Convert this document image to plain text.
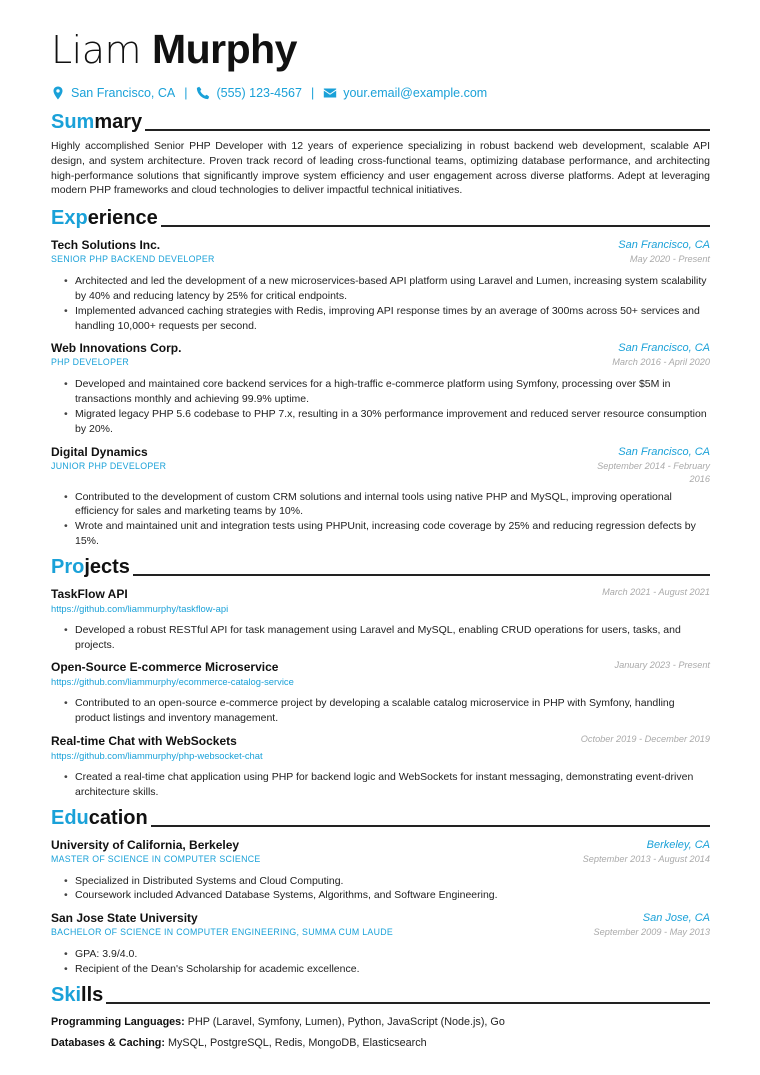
Liam Murphy
San Francisco, CA | (555) 123-4567 | your.email@example.com
Sum mary
Highly accomplished Senior PHP Developer with 12 years of experience specializing in robust backend web development, scalable API design, and system architecture. Proven track record of leading cross-functional teams, optimizing database performance, and architecting high-performance solutions that significantly improve system efficiency and user engagement across diverse platforms. Adept at leveraging modern PHP frameworks and cloud technologies to deliver impactful technical initiatives.
Exp erience
Tech Solutions Inc.	San Francisco, CA
SENIOR PHP BACKEND DEVELOPER	May 2020 - Present
• Architected and led the development of a new microservices-based API platform using Laravel and Lumen, increasing system scalability by 40% and reducing latency by 25% for critical endpoints.
• Implemented advanced caching strategies with Redis, improving API response times by an average of 300ms across 50+ services and handling 10,000+ requests per second.
Web Innovations Corp.	San Francisco, CA
PHP DEVELOPER	March 2016 - April 2020
• Developed and maintained core backend services for a high-traffic e-commerce platform using Symfony, processing over $5M in transactions monthly and achieving 99.9% uptime.
• Migrated legacy PHP 5.6 codebase to PHP 7.x, resulting in a 30% performance improvement and reduced server resource consumption by 20%.
Digital Dynamics	San Francisco, CA
JUNIOR PHP DEVELOPER	September 2014 - February 2016
• Contributed to the development of custom CRM solutions and internal tools using native PHP and MySQL, improving operational efficiency for sales and marketing teams by 10%.
• Wrote and maintained unit and integration tests using PHPUnit, increasing code coverage by 25% and reducing regression defects by 15%.
Pro jects
TaskFlow API	March 2021 - August 2021
https://github.com/liammurphy/taskflow-api
• Developed a robust RESTful API for task management using Laravel and MySQL, enabling CRUD operations for users, tasks, and projects.
Open-Source E-commerce Microservice	January 2023 - Present
https://github.com/liammurphy/ecommerce-catalog-service
• Contributed to an open-source e-commerce project by developing a scalable catalog microservice in PHP with Symfony, handling product listings and inventory management.
Real-time Chat with WebSockets	October 2019 - December 2019
https://github.com/liammurphy/php-websocket-chat
• Created a real-time chat application using PHP for backend logic and WebSockets for instant messaging, demonstrating event-driven architecture skills.
Edu cation
University of California, Berkeley	Berkeley, CA
MASTER OF SCIENCE IN COMPUTER SCIENCE	September 2013 - August 2014
• Specialized in Distributed Systems and Cloud Computing.
• Coursework included Advanced Database Systems, Algorithms, and Software Engineering.
San Jose State University	San Jose, CA
BACHELOR OF SCIENCE IN COMPUTER ENGINEERING, SUMMA CUM LAUDE	September 2009 - May 2013
• GPA: 3.9/4.0.
• Recipient of the Dean's Scholarship for academic excellence.
Ski lls
Programming Languages: PHP (Laravel, Symfony, Lumen), Python, JavaScript (Node.js), Go
Databases & Caching: MySQL, PostgreSQL, Redis, MongoDB, Elasticsearch
